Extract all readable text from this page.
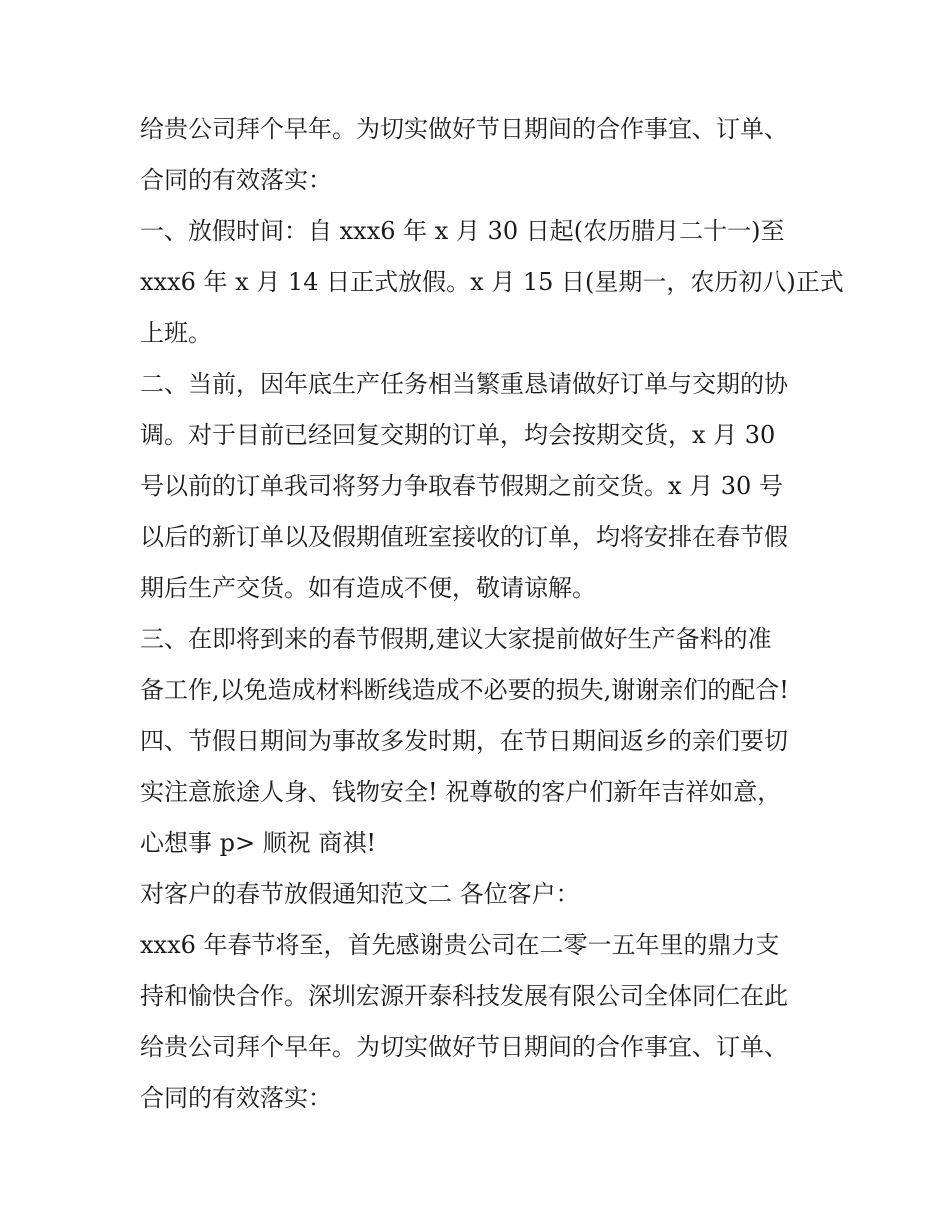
给贵公司拜个早年。为切实做好节日期间的合作事宜、订单、
合同的有效落实：
一、放假时间：自 xxx6 年 x 月 30 日起(农历腊月二十一)至
xxx6 年 x 月 14 日正式放假。x 月 15 日(星期一，农历初八)正式
上班。
二、当前，因年底生产任务相当繁重恳请做好订单与交期的协
调。对于目前已经回复交期的订单，均会按期交货，x 月 30
号以前的订单我司将努力争取春节假期之前交货。x 月 30 号
以后的新订单以及假期值班室接收的订单，均将安排在春节假
期后生产交货。如有造成不便，敬请谅解。
三、在即将到来的春节假期,建议大家提前做好生产备料的准
备工作,以免造成材料断线造成不必要的损失,谢谢亲们的配合!
四、节假日期间为事故多发时期，在节日期间返乡的亲们要切
实注意旅途人身、钱物安全! 祝尊敬的客户们新年吉祥如意，
心想事 p> 顺祝 商祺!
对客户的春节放假通知范文二 各位客户：
xxx6 年春节将至，首先感谢贵公司在二零一五年里的鼎力支
持和愉快合作。深圳宏源开泰科技发展有限公司全体同仁在此
给贵公司拜个早年。为切实做好节日期间的合作事宜、订单、
合同的有效落实：
